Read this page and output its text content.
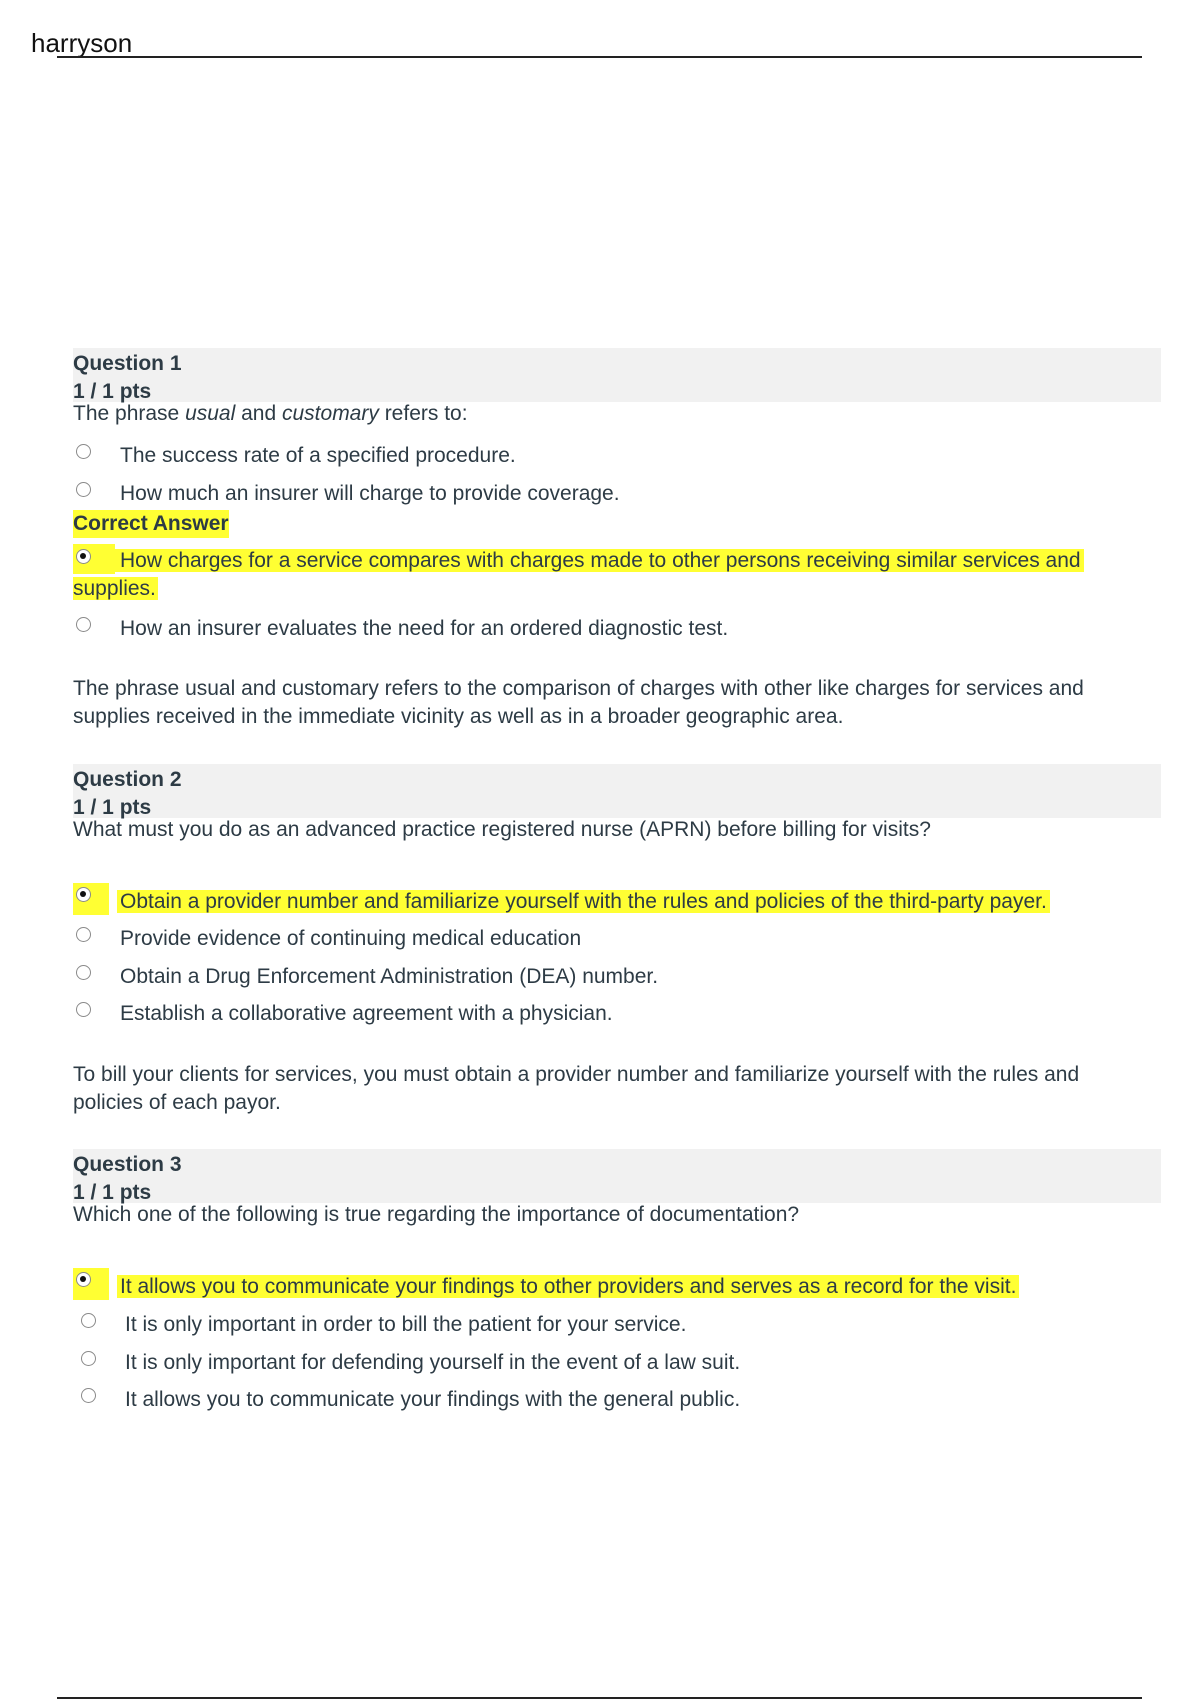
harryson
Question 1
1 / 1 pts
The phrase usual and customary refers to:
The success rate of a specified procedure.
How much an insurer will charge to provide coverage.
Correct Answer
How charges for a service compares with charges made to other persons receiving similar services and
supplies.
How an insurer evaluates the need for an ordered diagnostic test.
The phrase usual and customary refers to the comparison of charges with other like charges for services and
supplies received in the immediate vicinity as well as in a broader geographic area.
Question 2
1 / 1 pts
What must you do as an advanced practice registered nurse (APRN) before billing for visits?
Obtain a provider number and familiarize yourself with the rules and policies of the third-party payer.
Provide evidence of continuing medical education
Obtain a Drug Enforcement Administration (DEA) number.
Establish a collaborative agreement with a physician.
To bill your clients for services, you must obtain a provider number and familiarize yourself with the rules and
policies of each payor.
Question 3
1 / 1 pts
Which one of the following is true regarding the importance of documentation?
It allows you to communicate your findings to other providers and serves as a record for the visit.
It is only important in order to bill the patient for your service.
It is only important for defending yourself in the event of a law suit.
It allows you to communicate your findings with the general public.
